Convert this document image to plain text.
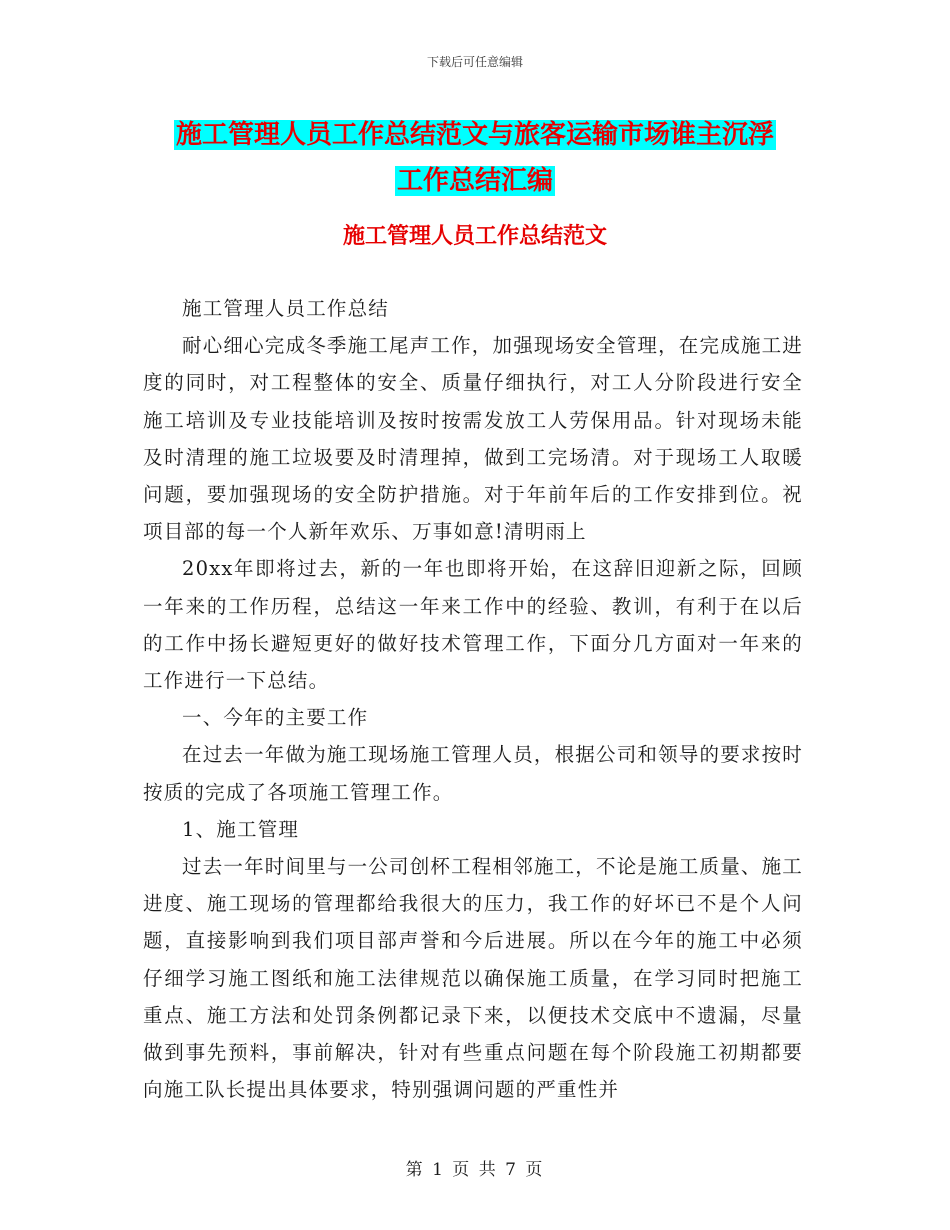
下载后可任意编辑
施工管理人员工作总结范文与旅客运输市场谁主沉浮
工作总结汇编
施工管理人员工作总结范文

施工管理人员工作总结

耐心细心完成冬季施工尾声工作，加强现场安全管理，在完成施工进度的同时，对工程整体的安全、质量仔细执行，对工人分阶段进行安全施工培训及专业技能培训及按时按需发放工人劳保用品。针对现场未能及时清理的施工垃圾要及时清理掉，做到工完场清。对于现场工人取暖问题，要加强现场的安全防护措施。对于年前年后的工作安排到位。祝项目部的每一个人新年欢乐、万事如意!清明雨上

20xx年即将过去，新的一年也即将开始，在这辞旧迎新之际，回顾一年来的工作历程，总结这一年来工作中的经验、教训，有利于在以后的工作中扬长避短更好的做好技术管理工作，下面分几方面对一年来的工作进行一下总结。

一、今年的主要工作

在过去一年做为施工现场施工管理人员，根据公司和领导的要求按时按质的完成了各项施工管理工作。

1、施工管理

过去一年时间里与一公司创杯工程相邻施工，不论是施工质量、施工进度、施工现场的管理都给我很大的压力，我工作的好坏已不是个人问题，直接影响到我们项目部声誉和今后进展。所以在今年的施工中必须仔细学习施工图纸和施工法律规范以确保施工质量，在学习同时把施工重点、施工方法和处罚条例都记录下来，以便技术交底中不遗漏，尽量做到事先预料，事前解决，针对有些重点问题在每个阶段施工初期都要向施工队长提出具体要求，特别强调问题的严重性并

第 1 页 共 7 页
